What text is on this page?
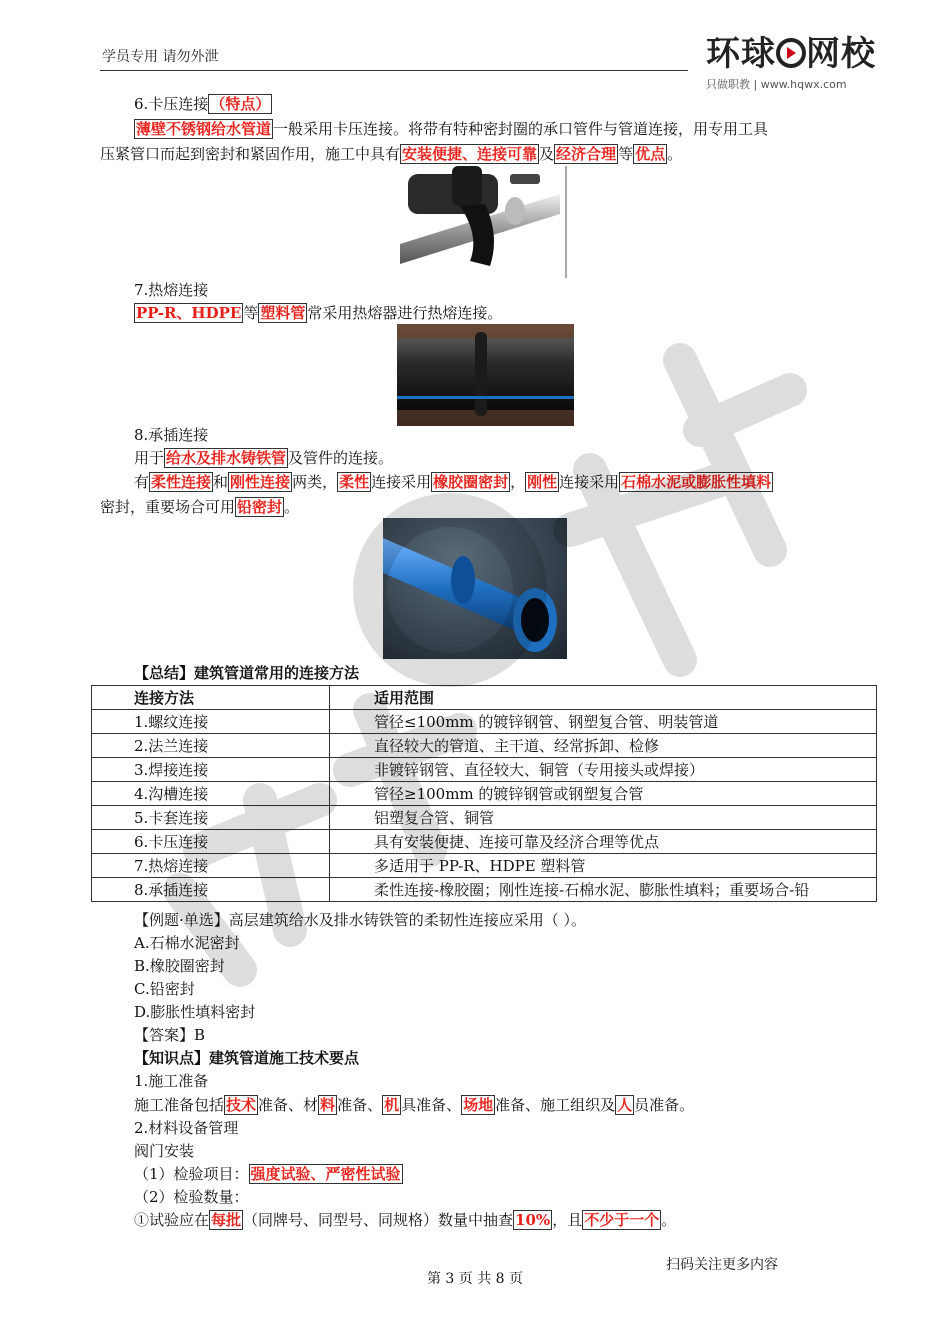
学员专用 请勿外泄	环球 网校
只做职教 | www.hqwx.com
6.卡压连接 （特点）
薄壁不锈钢给水管道 一般采用卡压连接。将带有特种密封圈的承口管件与管道连接，用专用工具
压紧管口而起到密封和紧固作用，施工中具有 安装便捷、连接可靠 及 经济合理 等 优点 。
7.热熔连接
PP-R、HDPE 等 塑料管 常采用热熔器进行热熔连接。
8.承插连接
用于 给水及排水铸铁管 及管件的连接。
有 柔性连接 和 刚性连接 两类， 柔性 连接采用 橡胶圈密封 ， 刚性 连接采用 石棉水泥或膨胀性填料
密封，重要场合可用 铅密封 。
【总结】建筑管道常用的连接方法
连接方法	适用范围
1.螺纹连接	管径≤100mm 的镀锌钢管、钢塑复合管、明装管道
2.法兰连接	直径较大的管道、主干道、经常拆卸、检修
3.焊接连接	非镀锌钢管、直径较大、铜管（专用接头或焊接）
4.沟槽连接	管径≥100mm 的镀锌钢管或钢塑复合管
5.卡套连接	铝塑复合管、铜管
6.卡压连接	具有安装便捷、连接可靠及经济合理等优点
7.热熔连接	多适用于 PP-R、HDPE 塑料管
8.承插连接	柔性连接-橡胶圈；刚性连接-石棉水泥、膨胀性填料；重要场合-铅
【例题·单选】高层建筑给水及排水铸铁管的柔韧性连接应采用（ ）。
A.石棉水泥密封
B.橡胶圈密封
C.铅密封
D.膨胀性填料密封
【答案】B
【知识点】建筑管道施工技术要点
1.施工准备
施工准备包括 技术 准备、材 料 准备、 机 具准备、 场地 准备、施工组织及 人 员准备。
2.材料设备管理
阀门安装
（1）检验项目： 强度试验、严密性试验
（2）检验数量：
①试验应在 每批 （同牌号、同型号、同规格）数量中抽查 10% ，且 不少于一个 。
扫码关注更多内容
第 3 页 共 8 页
